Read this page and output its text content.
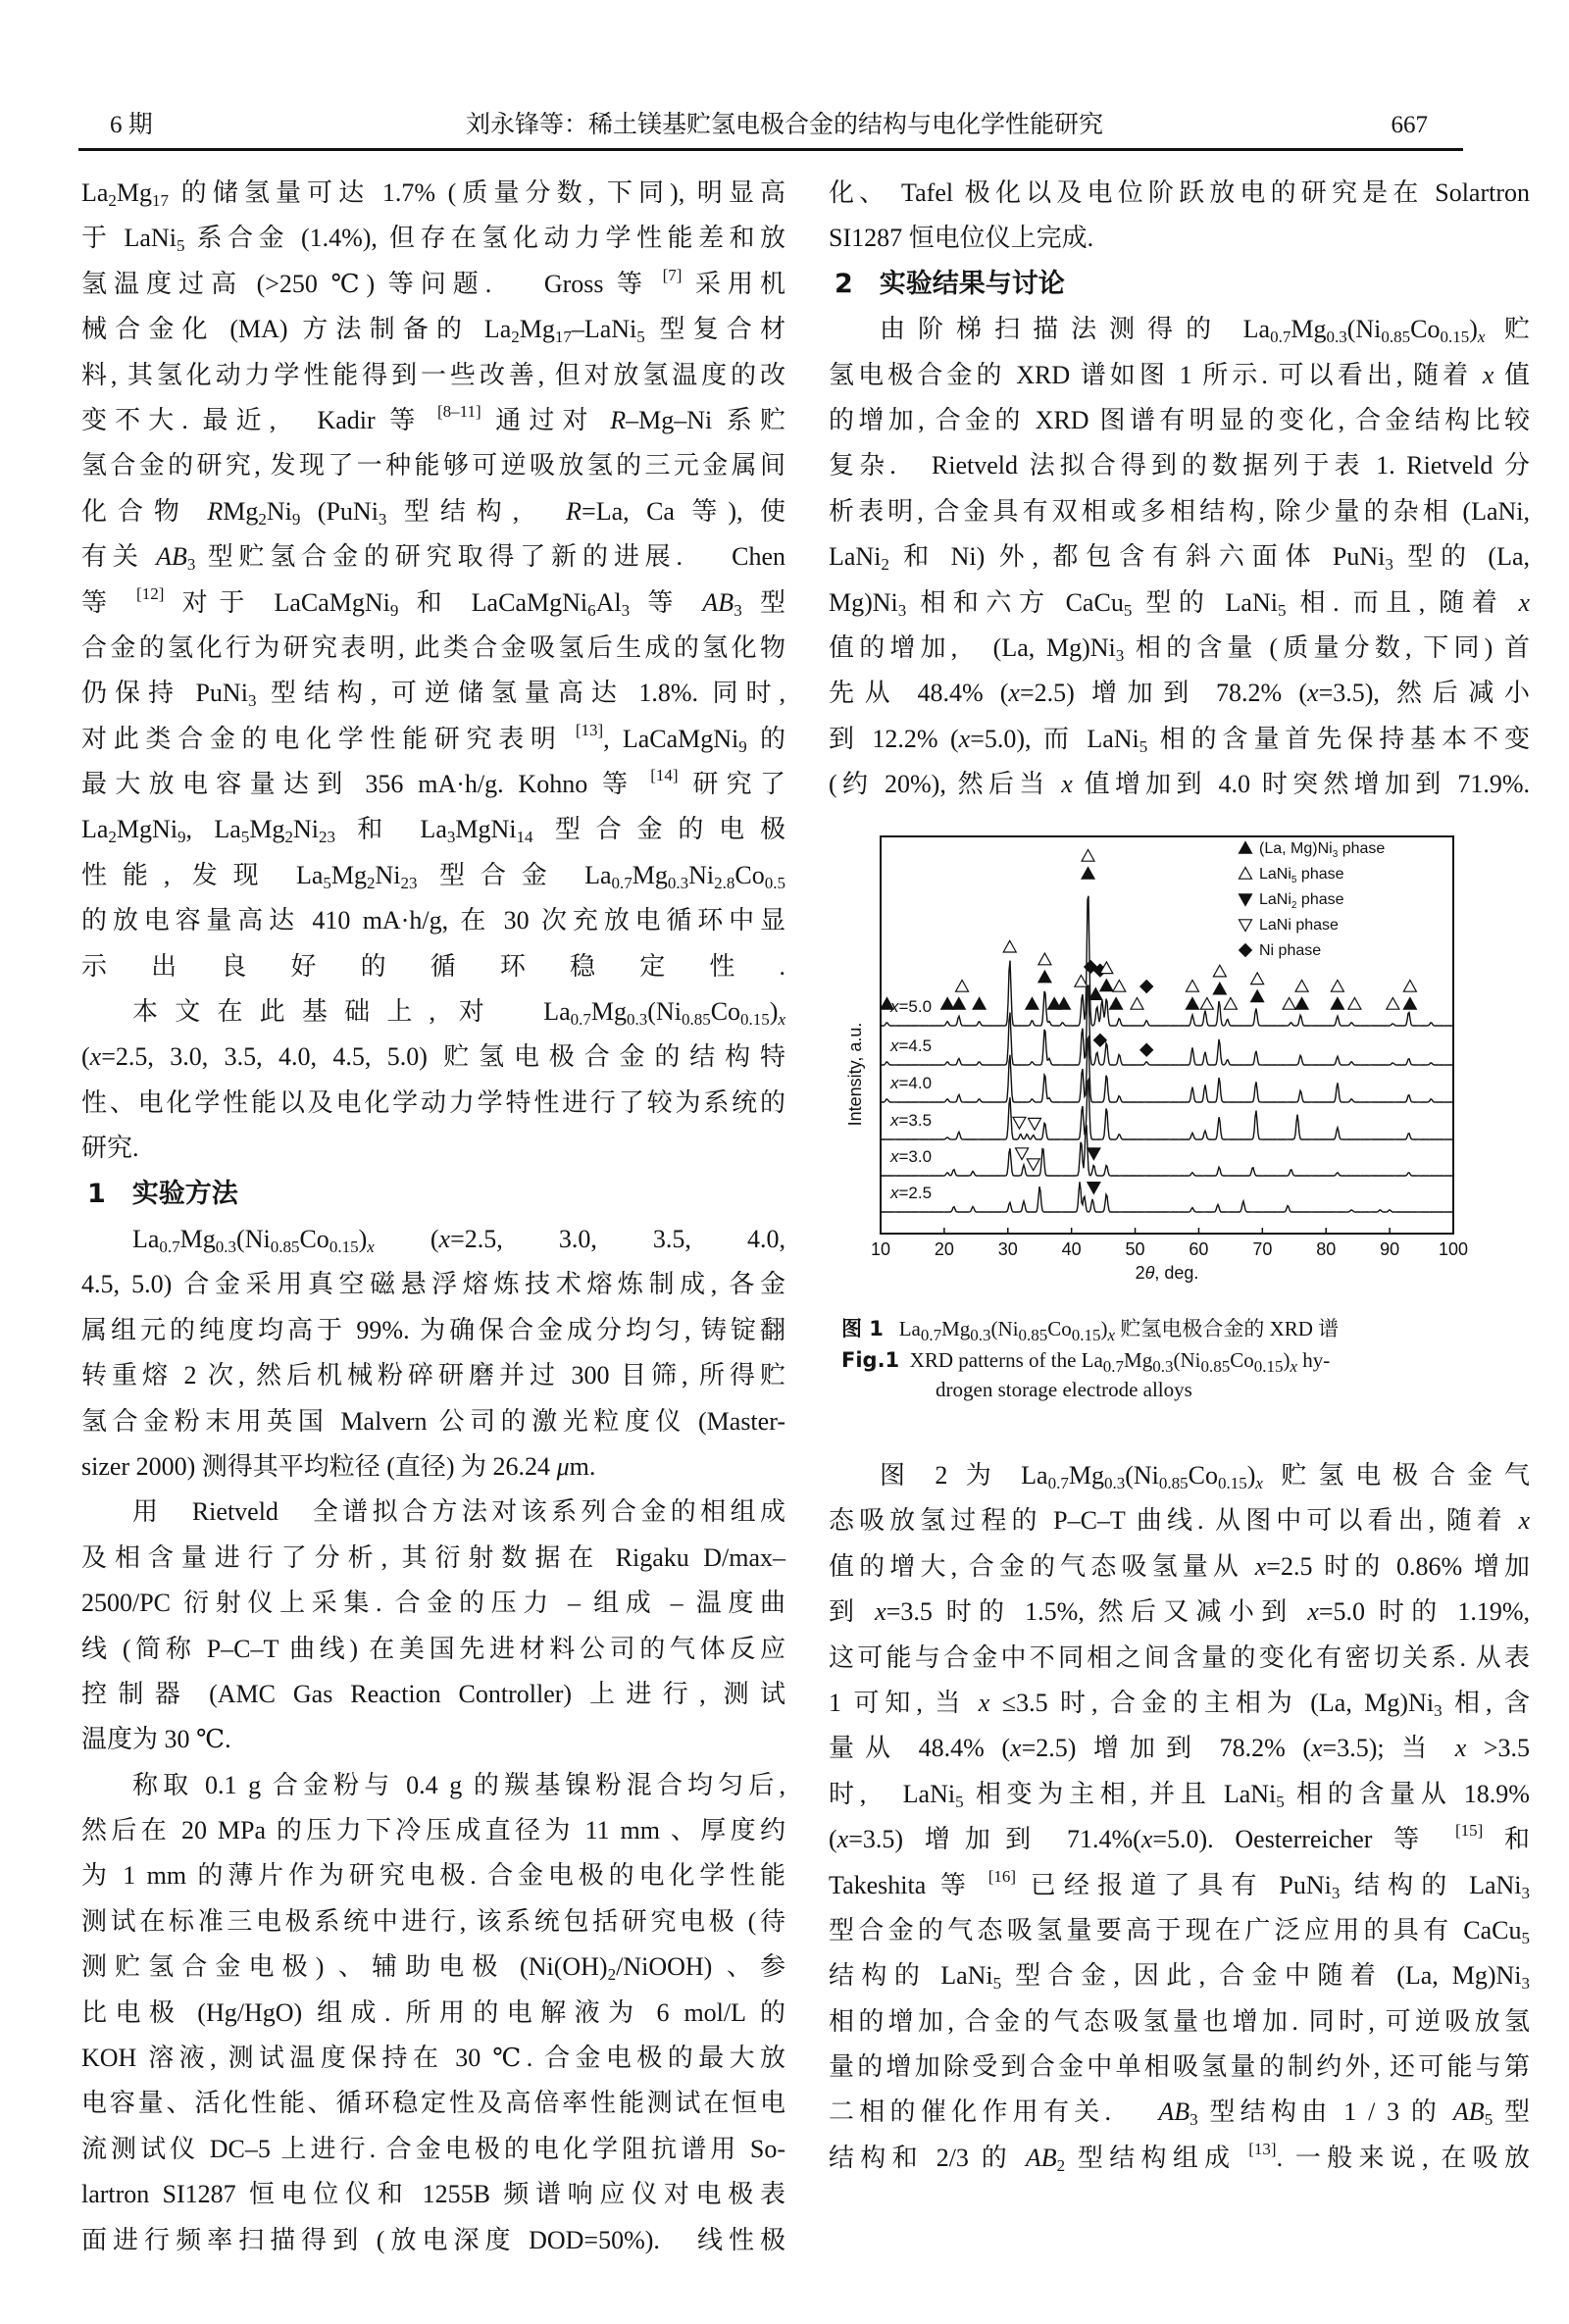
6 期	刘永锋等：稀土镁基贮氢电极合金的结构与电化学性能研究	667
$La_2Mg_{17}$ 的储氢量可达 1.7% (质量分数, 下同), 明显高
于 LaNi$_5$ 系合金 (1.4%), 但存在氢化动力学性能差和放
氢温度过高 (>250 ℃) 等问题.　 Gross 等 [7] 采用机
械合金化 (MA) 方法制备的 $La_2Mg_{17}-LaNi_5$ 型复合材
料, 其氢化动力学性能得到一些改善, 但对放氢温度的改
变不大. 最近,　Kadir 等 [8–11] 通过对 R–Mg–Ni 系贮
氢合金的研究, 发现了一种能够可逆吸放氢的三元金属间
化合物 $RMg_2Ni_9$ (PuNi$_3$ 型结构,　R=La, Ca 等), 使
有关 $AB_3$ 型贮氢合金的研究取得了新的进展.　 Chen
等 [12] 对于 LaCaMgNi$_9$ 和 $LaCaMgNi_6Al_3$ 等 $AB_3$ 型
合金的氢化行为研究表明, 此类合金吸氢后生成的氢化物
仍保持 PuNi$_3$ 型结构, 可逆储氢量高达 1.8%. 同时,
对此类合金的电化学性能研究表明 [13], LaCaMgNi$_9$ 的
最大放电容量达到 356 mA·h/g. Kohno 等 [14] 研究了
$La_2MgNi_9$, $La_5Mg_2Ni_{23}$ 和 $La_3MgNi_{14}$ 型合金的电极
性能, 发现 $La_5Mg_2Ni_{23}$ 型合金 $La_{0.7}Mg_{0.3}Ni_{2.8}Co_{0.5}$
的放电容量高达 410 mA·h/g, 在 30 次充放电循环中显
示出良好的循环稳定性.
本文在此基础上, 对　$La_{0.7}Mg_{0.3}(Ni_{0.85}Co_{0.15})_x$
(x=2.5, 3.0, 3.5, 4.0, 4.5, 5.0) 贮氢电极合金的结构特
性、电化学性能以及电化学动力学特性进行了较为系统的
研究.
1　实验方法
$La_{0.7}Mg_{0.3}(Ni_{0.85}Co_{0.15})_x$ (x=2.5, 3.0, 3.5, 4.0,
4.5, 5.0) 合金采用真空磁悬浮熔炼技术熔炼制成, 各金
属组元的纯度均高于 99%. 为确保合金成分均匀, 铸锭翻
转重熔 2 次, 然后机械粉碎研磨并过 300 目筛, 所得贮
氢合金粉末用英国 Malvern 公司的激光粒度仪 (Master-
sizer 2000) 测得其平均粒径 (直径) 为 26.24 μm.
用　Rietveld　全谱拟合方法对该系列合金的相组成
及相含量进行了分析, 其衍射数据在 Rigaku D/max–
2500/PC 衍射仪上采集. 合金的压力 – 组成 – 温度曲
线 (简称 P–C–T 曲线) 在美国先进材料公司的气体反应
控制器 (AMC Gas Reaction Controller) 上进行, 测试
温度为 30 ℃.
称取 0.1 g 合金粉与 0.4 g 的羰基镍粉混合均匀后,
然后在 20 MPa 的压力下冷压成直径为 11 mm 、厚度约
为 1 mm 的薄片作为研究电极. 合金电极的电化学性能
测试在标准三电极系统中进行, 该系统包括研究电极 (待
测贮氢合金电极) 、辅助电极 $(Ni(OH)_2/NiOOH)$ 、参
比电极 (Hg/HgO) 组成. 所用的电解液为 6 mol/L 的
KOH 溶液, 测试温度保持在 30 ℃. 合金电极的最大放
电容量、活化性能、循环稳定性及高倍率性能测试在恒电
流测试仪 DC–5 上进行. 合金电极的电化学阻抗谱用 So-
lartron SI1287 恒电位仪和 1255B 频谱响应仪对电极表
面进行频率扫描得到 (放电深度 DOD=50%).　线性极
化、 Tafel 极化以及电位阶跃放电的研究是在 Solartron
SI1287 恒电位仪上完成.
2　实验结果与讨论
由阶梯扫描法测得的 $La_{0.7}Mg_{0.3}(Ni_{0.85}Co_{0.15})_x$ 贮
氢电极合金的 XRD 谱如图 1 所示. 可以看出, 随着 x 值
的增加, 合金的 XRD 图谱有明显的变化, 合金结构比较
复杂.　Rietveld 法拟合得到的数据列于表 1. Rietveld 分
析表明, 合金具有双相或多相结构, 除少量的杂相 (LaNi,
LaNi$_2$ 和 Ni) 外, 都包含有斜六面体 PuNi$_3$ 型的 (La,
$Mg)Ni_3$ 相和六方 CaCu$_5$ 型的 LaNi$_5$ 相. 而且, 随着 x
值的增加,　(La, $Mg)Ni_3$ 相的含量 (质量分数, 下同) 首
先从 48.4% (x=2.5) 增加到 78.2% (x=3.5), 然后减小
到 12.2% (x=5.0), 而 LaNi$_5$ 相的含量首先保持基本不变
(约 20%), 然后当 x 值增加到 4.0 时突然增加到 71.9%.
x=5.0
x=4.5
x=4.0
x=3.5
x=3.0
x=2.5
10 20 30 40 50 60 70 80 90 100
2θ, deg.
Intensity, a.u.
(La, $Mg)Ni_3$ phase
LaNi$_5$ phase
LaNi$_2$ phase
LaNi phase
Ni phase
图 1 $La_{0.7}Mg_{0.3}(Ni_{0.85}Co_{0.15})_x$ 贮氢电极合金的 XRD 谱
Fig.1 XRD patterns of the $La_{0.7}Mg_{0.3}(Ni_{0.85}Co_{0.15})_x$ hy-
drogen storage electrode alloys
图 2 为 $La_{0.7}Mg_{0.3}(Ni_{0.85}Co_{0.15})_x$ 贮氢电极合金气
态吸放氢过程的 P–C–T 曲线. 从图中可以看出, 随着 x
值的增大, 合金的气态吸氢量从 x=2.5 时的 0.86% 增加
到 x=3.5 时的 1.5%, 然后又减小到 x=5.0 时的 1.19%,
这可能与合金中不同相之间含量的变化有密切关系. 从表
1 可知, 当 x ≤3.5 时, 合金的主相为 (La, $Mg)Ni_3$ 相, 含
量从 48.4% (x=2.5) 增加到 78.2% (x=3.5); 当 x >3.5
时,　LaNi$_5$ 相变为主相, 并且 LaNi$_5$ 相的含量从 18.9%
(x=3.5) 增加到 71.4%(x=5.0). Oesterreicher 等 [15] 和
Takeshita 等 [16] 已经报道了具有 PuNi$_3$ 结构的 LaNi$_3$
型合金的气态吸氢量要高于现在广泛应用的具有 CaCu$_5$
结构的 LaNi$_5$ 型合金, 因此, 合金中随着 (La, $Mg)Ni_3$
相的增加, 合金的气态吸氢量也增加. 同时, 可逆吸放氢
量的增加除受到合金中单相吸氢量的制约外, 还可能与第
二相的催化作用有关.　 $AB_3$ 型结构由 1 / 3 的 $AB_5$ 型
结构和 2/3 的 $AB_2$ 型结构组成 [13]. 一般来说, 在吸放
